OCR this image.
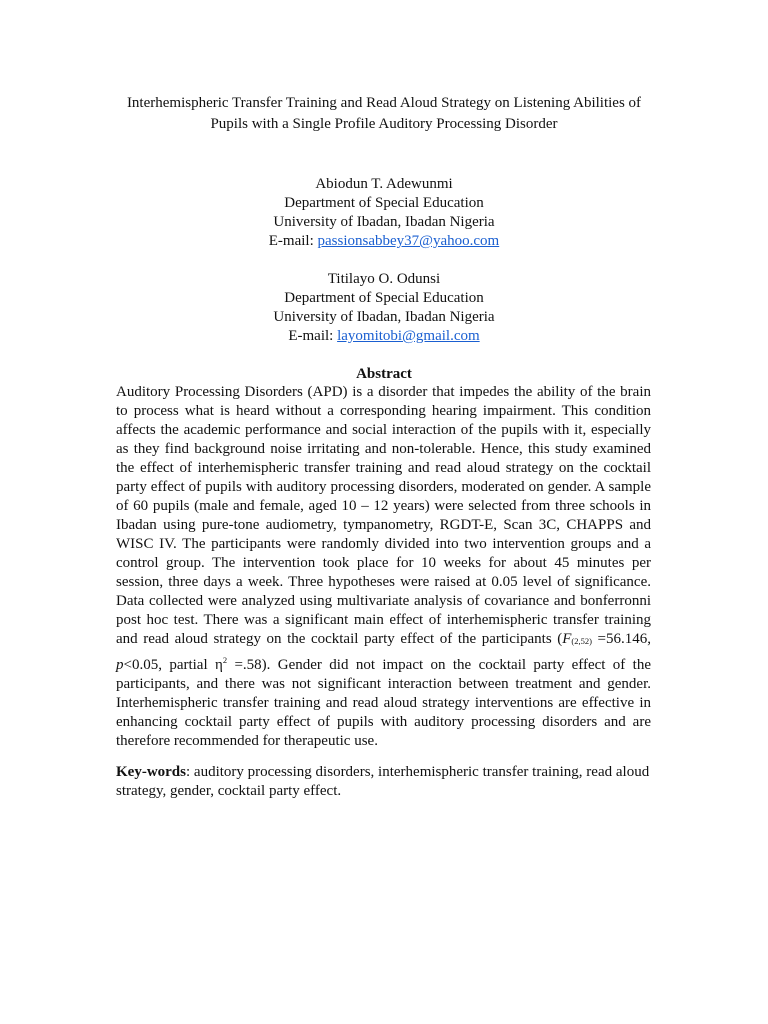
Interhemispheric Transfer Training and Read Aloud Strategy on Listening Abilities of
Pupils with a Single Profile Auditory Processing Disorder
Abiodun T. Adewunmi
Department of Special Education
University of Ibadan, Ibadan Nigeria
E-mail: passionsabbey37@yahoo.com
Titilayo O. Odunsi
Department of Special Education
University of Ibadan, Ibadan Nigeria
E-mail: layomitobi@gmail.com
Abstract
Auditory Processing Disorders (APD) is a disorder that impedes the ability of the brain to process what is heard without a corresponding hearing impairment. This condition affects the academic performance and social interaction of the pupils with it, especially as they find background noise irritating and non-tolerable. Hence, this study examined the effect of interhemispheric transfer training and read aloud strategy on the cocktail party effect of pupils with auditory processing disorders, moderated on gender. A sample of 60 pupils (male and female, aged 10 – 12 years) were selected from three schools in Ibadan using pure-tone audiometry, tympanometry, RGDT-E, Scan 3C, CHAPPS and WISC IV. The participants were randomly divided into two intervention groups and a control group. The intervention took place for 10 weeks for about 45 minutes per session, three days a week. Three hypotheses were raised at 0.05 level of significance. Data collected were analyzed using multivariate analysis of covariance and bonferronni post hoc test. There was a significant main effect of interhemispheric transfer training and read aloud strategy on the cocktail party effect of the participants (F(2,52) =56.146, p<0.05, partial $\eta^2 =.58$). Gender did not impact on the cocktail party effect of the participants, and there was not significant interaction between treatment and gender. Interhemispheric transfer training and read aloud strategy interventions are effective in enhancing cocktail party effect of pupils with auditory processing disorders and are therefore recommended for therapeutic use.
Key-words: auditory processing disorders, interhemispheric transfer training, read aloud strategy, gender, cocktail party effect.
